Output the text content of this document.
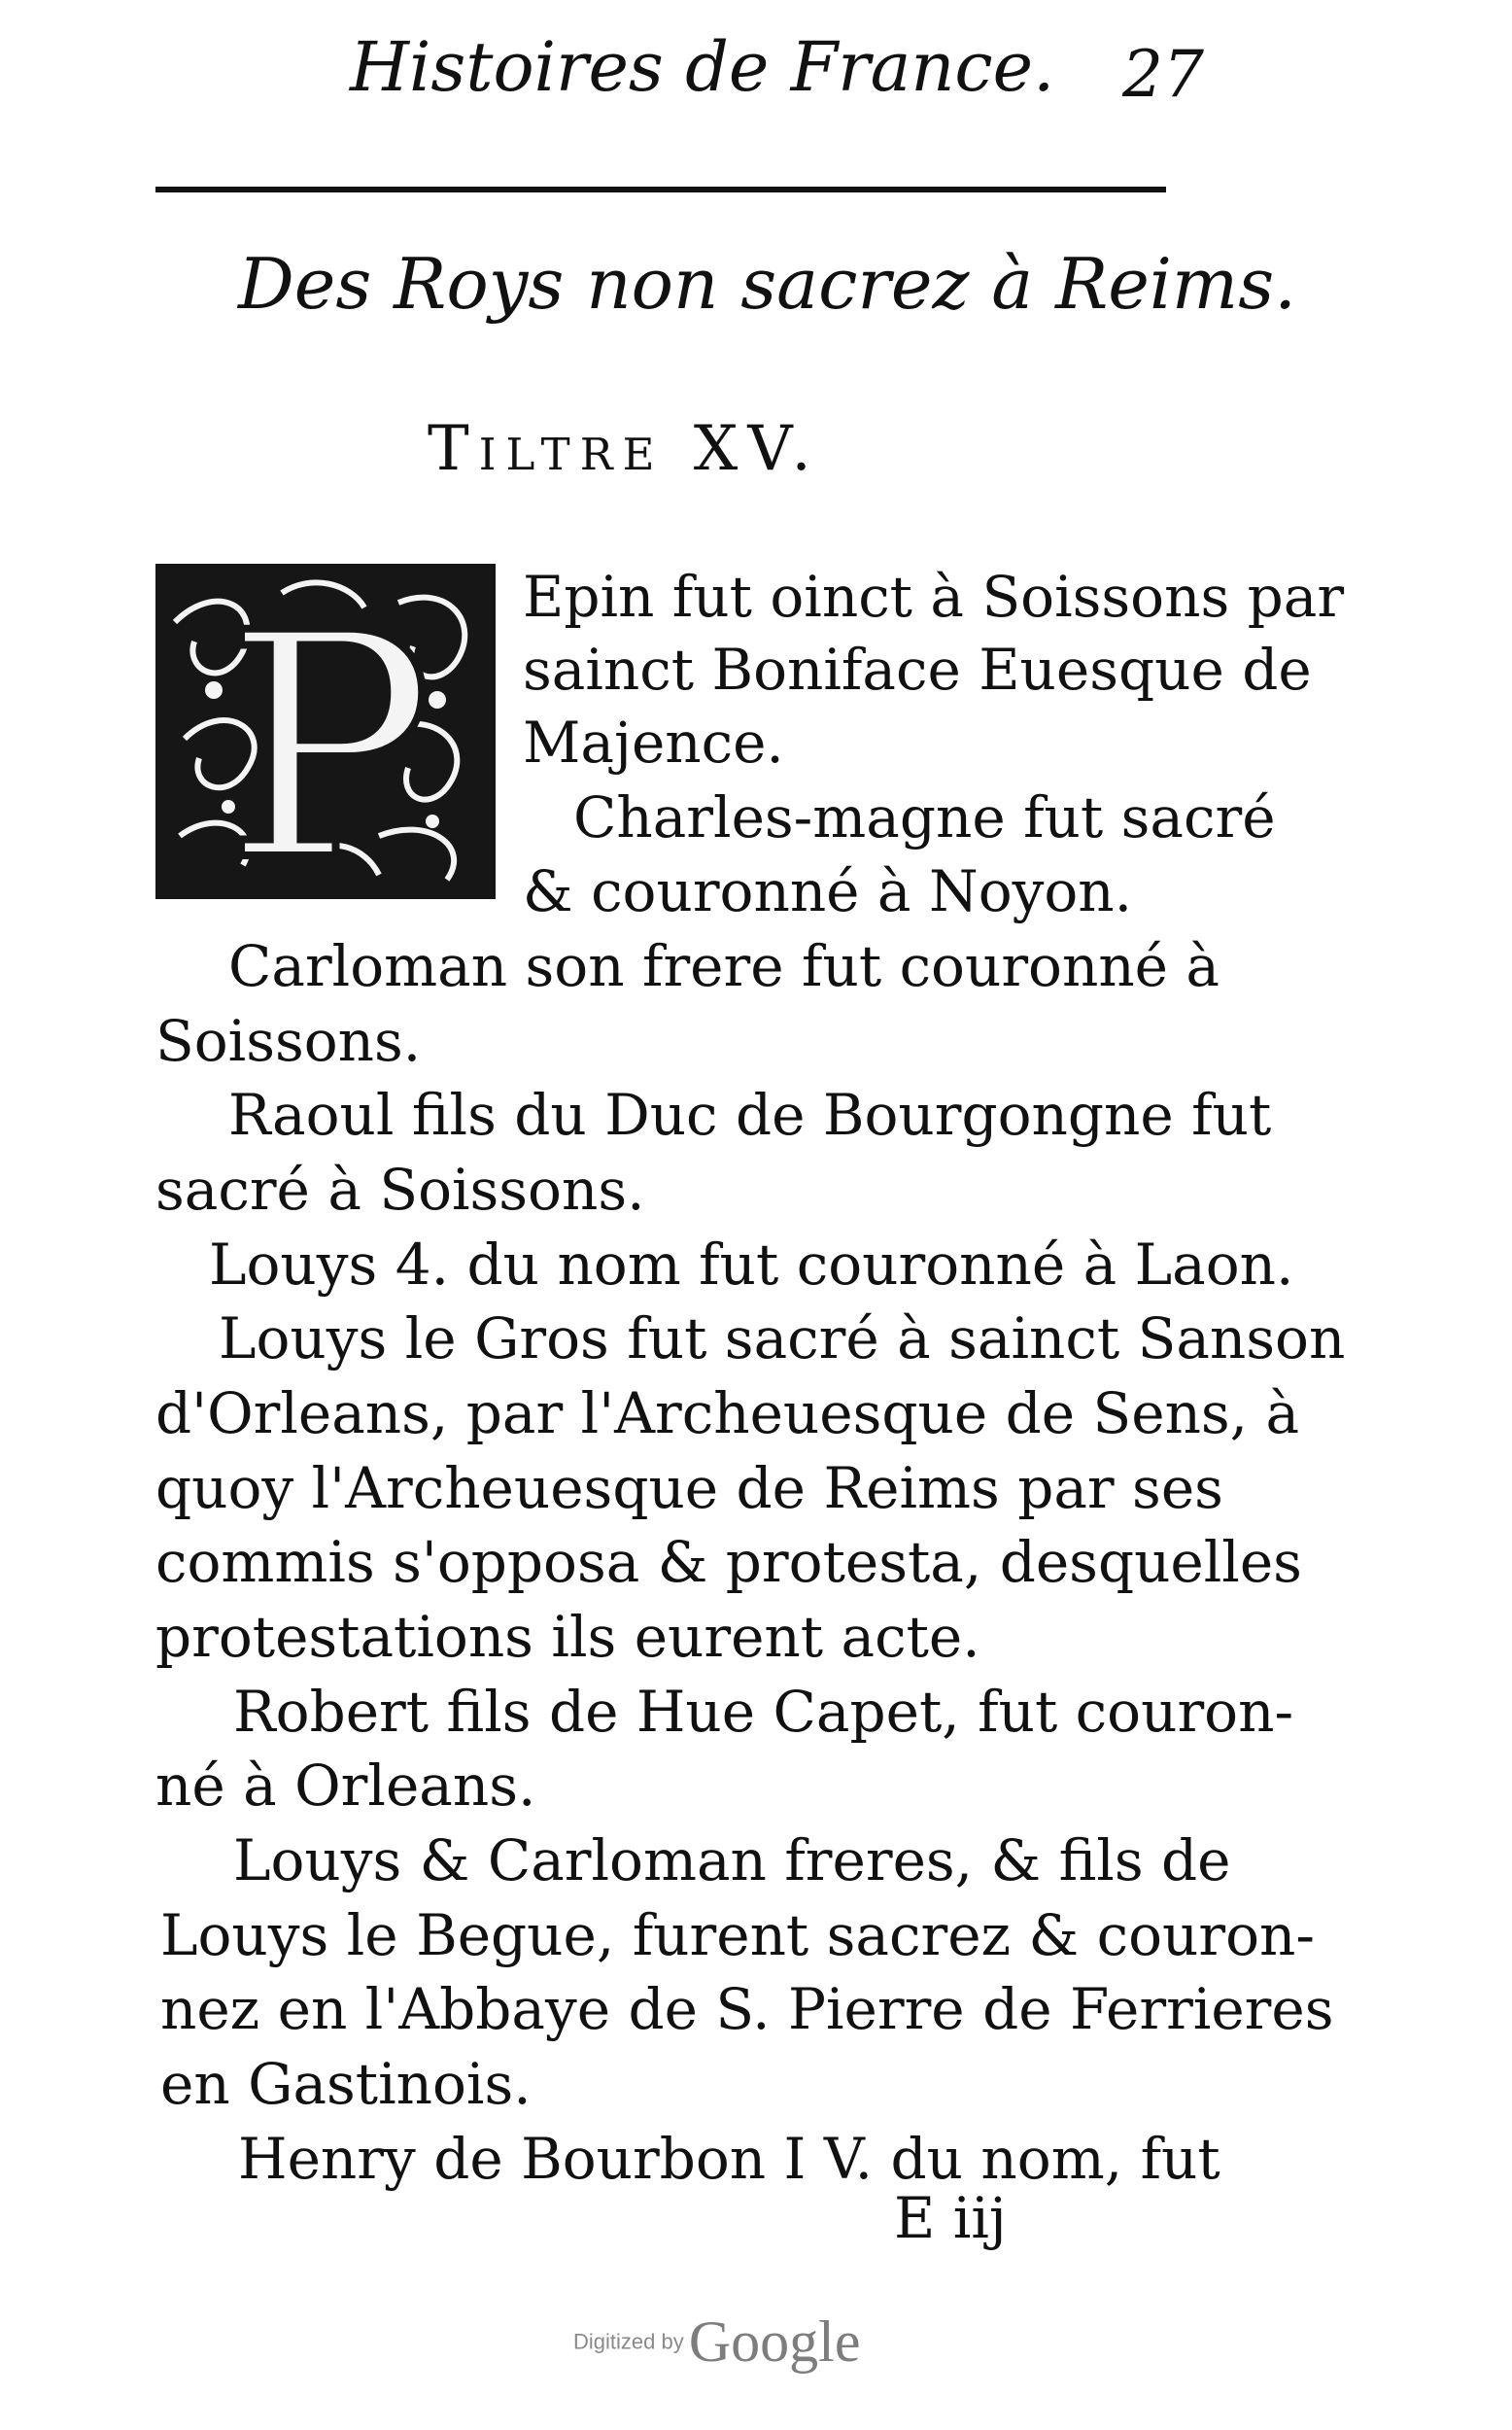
Histoires de France. 27
Des Roys non sacrez à Reims.
Tiltre XV.
P Epin fut oinct à Soissons par
sainct Boniface Euesque de
Majence.
Charles-magne fut sacré
& couronné à Noyon.
Carloman son frere fut couronné à
Soissons.
Raoul fils du Duc de Bourgongne fut
sacré à Soissons.
Louys 4. du nom fut couronné à Laon.
Louys le Gros fut sacré à sainct Sanson
d'Orleans, par l'Archeuesque de Sens, à
quoy l'Archeuesque de Reims par ses
commis s'opposa & protesta, desquelles
protestations ils eurent acte.
Robert fils de Hue Capet, fut couron-
né à Orleans.
Louys & Carloman freres, & fils de
Louys le Begue, furent sacrez & couron-
nez en l'Abbaye de S. Pierre de Ferrieres
en Gastinois.
Henry de Bourbon I V. du nom, fut
E iij
Digitized by Google
